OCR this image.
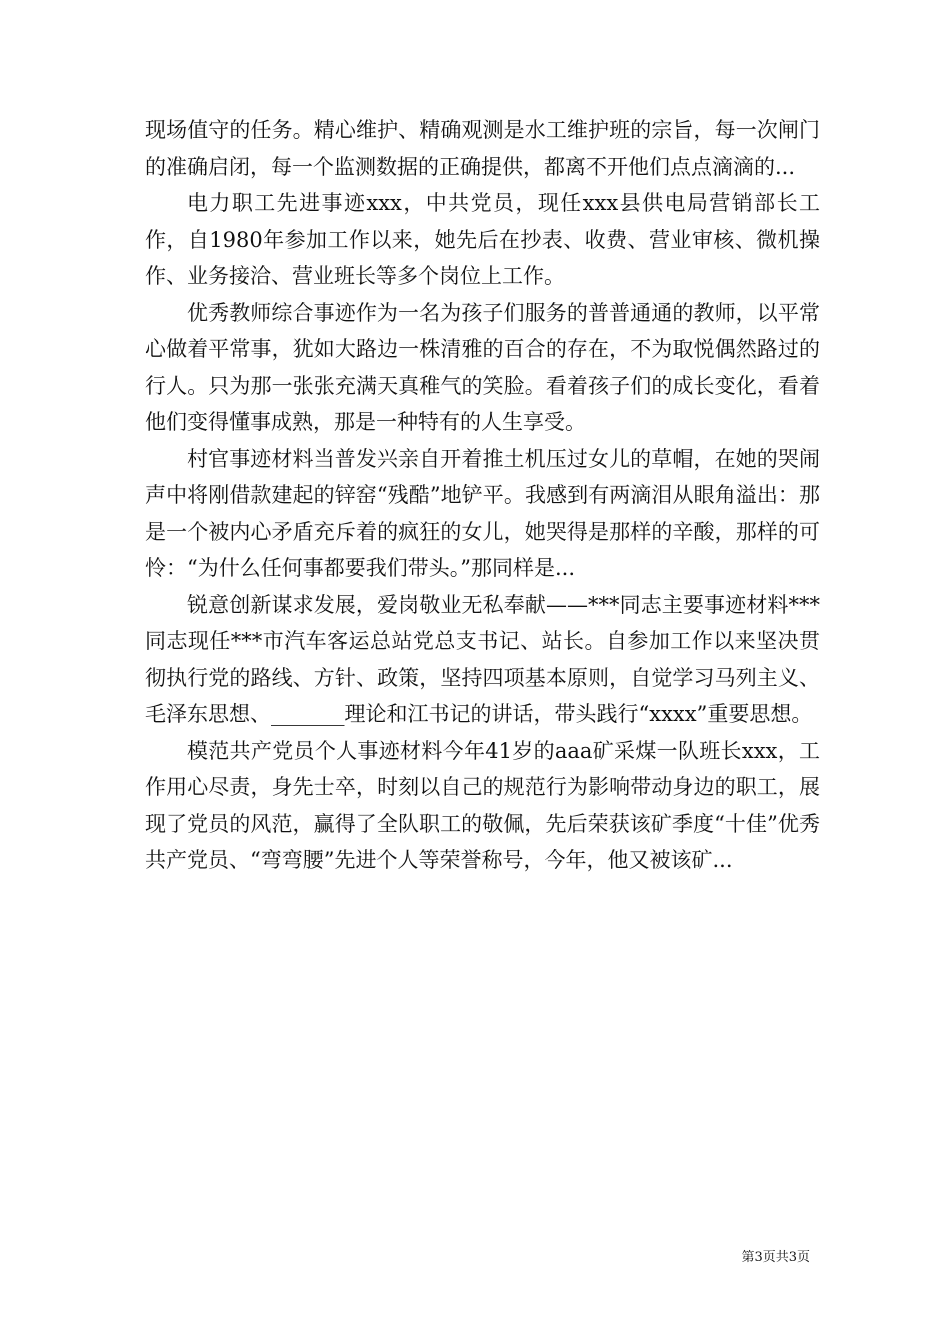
现场值守的任务。精心维护、精确观测是水工维护班的宗旨，每一次闸门的准确启闭，每一个监测数据的正确提供，都离不开他们点点滴滴的...

电力职工先进事迹xxx，中共党员，现任xxx县供电局营销部长工作，自1980年参加工作以来，她先后在抄表、收费、营业审核、微机操作、业务接洽、营业班长等多个岗位上工作。

优秀教师综合事迹作为一名为孩子们服务的普普通通的教师，以平常心做着平常事，犹如大路边一株清雅的百合的存在，不为取悦偶然路过的行人。只为那一张张充满天真稚气的笑脸。看着孩子们的成长变化，看着他们变得懂事成熟，那是一种特有的人生享受。

村官事迹材料当普发兴亲自开着推土机压过女儿的草帽，在她的哭闹声中将刚借款建起的锌窑“残酷”地铲平。我感到有两滴泪从眼角溢出：那是一个被内心矛盾充斥着的疯狂的女儿，她哭得是那样的辛酸，那样的可怜：“为什么任何事都要我们带头。”那同样是...

锐意创新谋求发展，爱岗敬业无私奉献——***同志主要事迹材料***同志现任***市汽车客运总站党总支书记、站长。自参加工作以来坚决贯彻执行党的路线、方针、政策，坚持四项基本原则，自觉学习马列主义、毛泽东思想、_______理论和江书记的讲话，带头践行“xxxx”重要思想。

模范共产党员个人事迹材料今年41岁的aaa矿采煤一队班长xxx，工作用心尽责，身先士卒，时刻以自己的规范行为影响带动身边的职工，展现了党员的风范，赢得了全队职工的敬佩，先后荣获该矿季度“十佳”优秀共产党员、“弯弯腰”先进个人等荣誉称号，今年，他又被该矿...

第3页共3页
